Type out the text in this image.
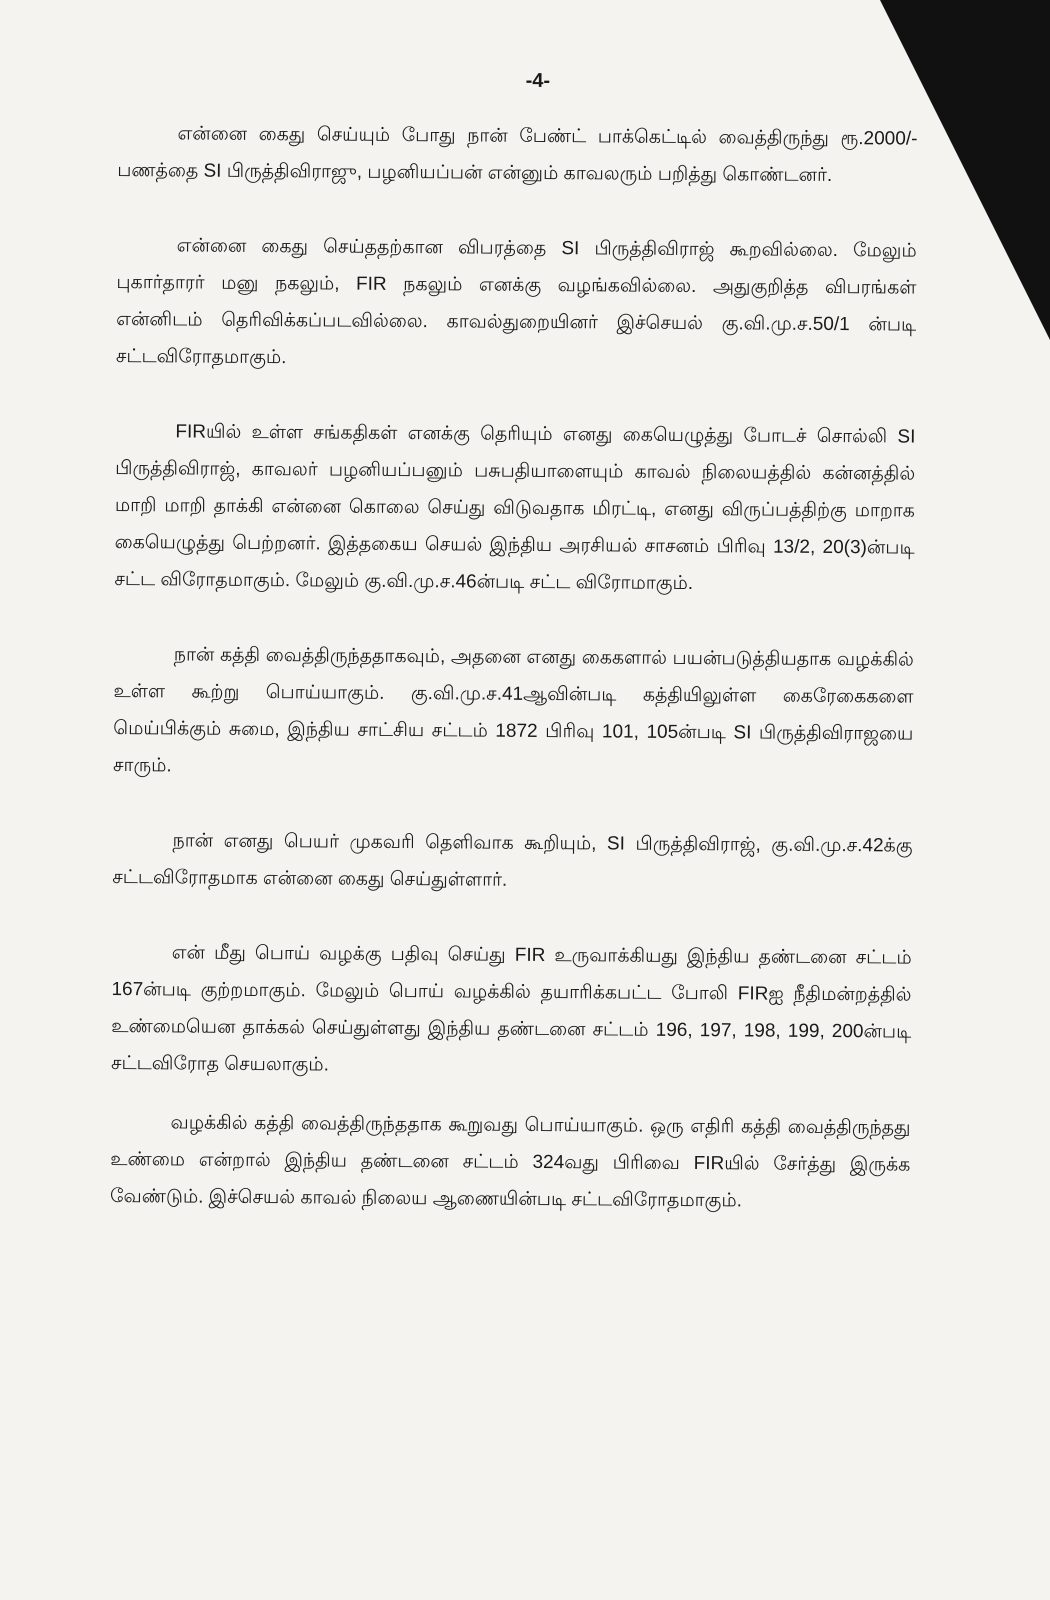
-4-

என்னை கைது செய்யும் போது நான் பேண்ட் பாக்கெட்டில் வைத்திருந்து ரூ.2000/- பணத்தை SI பிருத்திவிராஜு, பழனியப்பன் என்னும் காவலரும் பறித்து கொண்டனர்.

என்னை கைது செய்ததற்கான விபரத்தை SI பிருத்திவிராஜ் கூறவில்லை. மேலும் புகார்தாரர் மனு நகலும், FIR நகலும் எனக்கு வழங்கவில்லை. அதுகுறித்த விபரங்கள் என்னிடம் தெரிவிக்கப்படவில்லை. காவல்துறையினர் இச்செயல் கு.வி.மு.ச.50/1 ன்படி சட்டவிரோதமாகும்.

FIRயில் உள்ள சங்கதிகள் எனக்கு தெரியும் எனது கையெழுத்து போடச் சொல்லி SI பிருத்திவிராஜ், காவலர் பழனியப்பனும் பசுபதியாளையும் காவல் நிலையத்தில் கன்னத்தில் மாறி மாறி தாக்கி என்னை கொலை செய்து விடுவதாக மிரட்டி, எனது விருப்பத்திற்கு மாறாக கையெழுத்து பெற்றனர். இத்தகைய செயல் இந்திய அரசியல் சாசனம் பிரிவு 13/2, 20(3)ன்படி சட்ட விரோதமாகும். மேலும் கு.வி.மு.ச.46ன்படி சட்ட விரோமாகும்.

நான் கத்தி வைத்திருந்ததாகவும், அதனை எனது கைகளால் பயன்படுத்தியதாக வழக்கில் உள்ள கூற்று பொய்யாகும். கு.வி.மு.ச.41ஆவின்படி கத்தியிலுள்ள கைரேகைகளை மெய்பிக்கும் சுமை, இந்திய சாட்சிய சட்டம் 1872 பிரிவு 101, 105ன்படி SI பிருத்திவிராஜயை சாரும்.

நான் எனது பெயர் முகவரி தெளிவாக கூறியும், SI பிருத்திவிராஜ், கு.வி.மு.ச.42க்கு சட்டவிரோதமாக என்னை கைது செய்துள்ளார்.

என் மீது பொய் வழக்கு பதிவு செய்து FIR உருவாக்கியது இந்திய தண்டனை சட்டம் 167ன்படி குற்றமாகும். மேலும் பொய் வழக்கில் தயாரிக்கபட்ட போலி FIRஐ நீதிமன்றத்தில் உண்மையென தாக்கல் செய்துள்ளது இந்திய தண்டனை சட்டம் 196, 197, 198, 199, 200ன்படி சட்டவிரோத செயலாகும்.

வழக்கில் கத்தி வைத்திருந்ததாக கூறுவது பொய்யாகும். ஒரு எதிரி கத்தி வைத்திருந்தது உண்மை என்றால் இந்திய தண்டனை சட்டம் 324வது பிரிவை FIRயில் சேர்த்து இருக்க வேண்டும். இச்செயல் காவல் நிலைய ஆணையின்படி சட்டவிரோதமாகும்.
